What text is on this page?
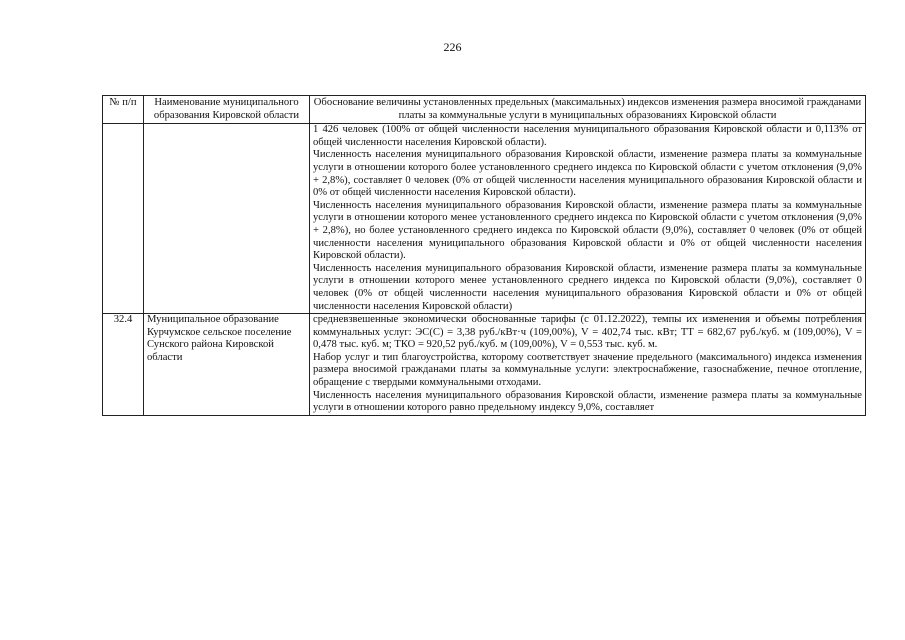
226
№ п/п	Наименование муниципального образования Кировской области	Обоснование величины установленных предельных (максимальных) индексов изменения размера вносимой гражданами платы за коммунальные услуги в муниципальных образованиях Кировской области

		1 426 человек (100% от общей численности населения муниципального образования Кировской области и 0,113% от общей численности населения Кировской области).

Численность населения муниципального образования Кировской области, изменение размера платы за коммунальные услуги в отношении которого более установленного среднего индекса по Кировской области с учетом отклонения (9,0% + 2,8%), составляет 0 человек (0% от общей численности населения муниципального образования Кировской области и 0% от общей численности населения Кировской области).

Численность населения муниципального образования Кировской области, изменение размера платы за коммунальные услуги в отношении которого менее установленного среднего индекса по Кировской области с учетом отклонения (9,0% + 2,8%), но более установленного среднего индекса по Кировской области (9,0%), составляет 0 человек (0% от общей численности населения муниципального образования Кировской области и 0% от общей численности населения Кировской области).

Численность населения муниципального образования Кировской области, изменение размера платы за коммунальные услуги в отношении которого менее установленного среднего индекса по Кировской области (9,0%), составляет 0 человек (0% от общей численности населения муниципального образования Кировской области и 0% от общей численности населения Кировской области)

32.4	Муниципальное образование Курчумское сельское поселение Сунского района Кировской области	средневзвешенные экономически обоснованные тарифы (с 01.12.2022), темпы их изменения и объемы потребления коммунальных услуг: ЭС(С) = 3,38 руб./кВт·ч (109,00%), V = 402,74 тыс. кВт; ТТ = 682,67 руб./куб. м (109,00%), V = 0,478 тыс. куб. м; ТКО = 920,52 руб./куб. м (109,00%), V = 0,553 тыс. куб. м.

Набор услуг и тип благоустройства, которому соответствует значение предельного (максимального) индекса изменения размера вносимой гражданами платы за коммунальные услуги: электроснабжение, газоснабжение, печное отопление, обращение с твердыми коммунальными отходами.

Численность населения муниципального образования Кировской области, изменение размера платы за коммунальные услуги в отношении которого равно предельному индексу 9,0%, составляет
